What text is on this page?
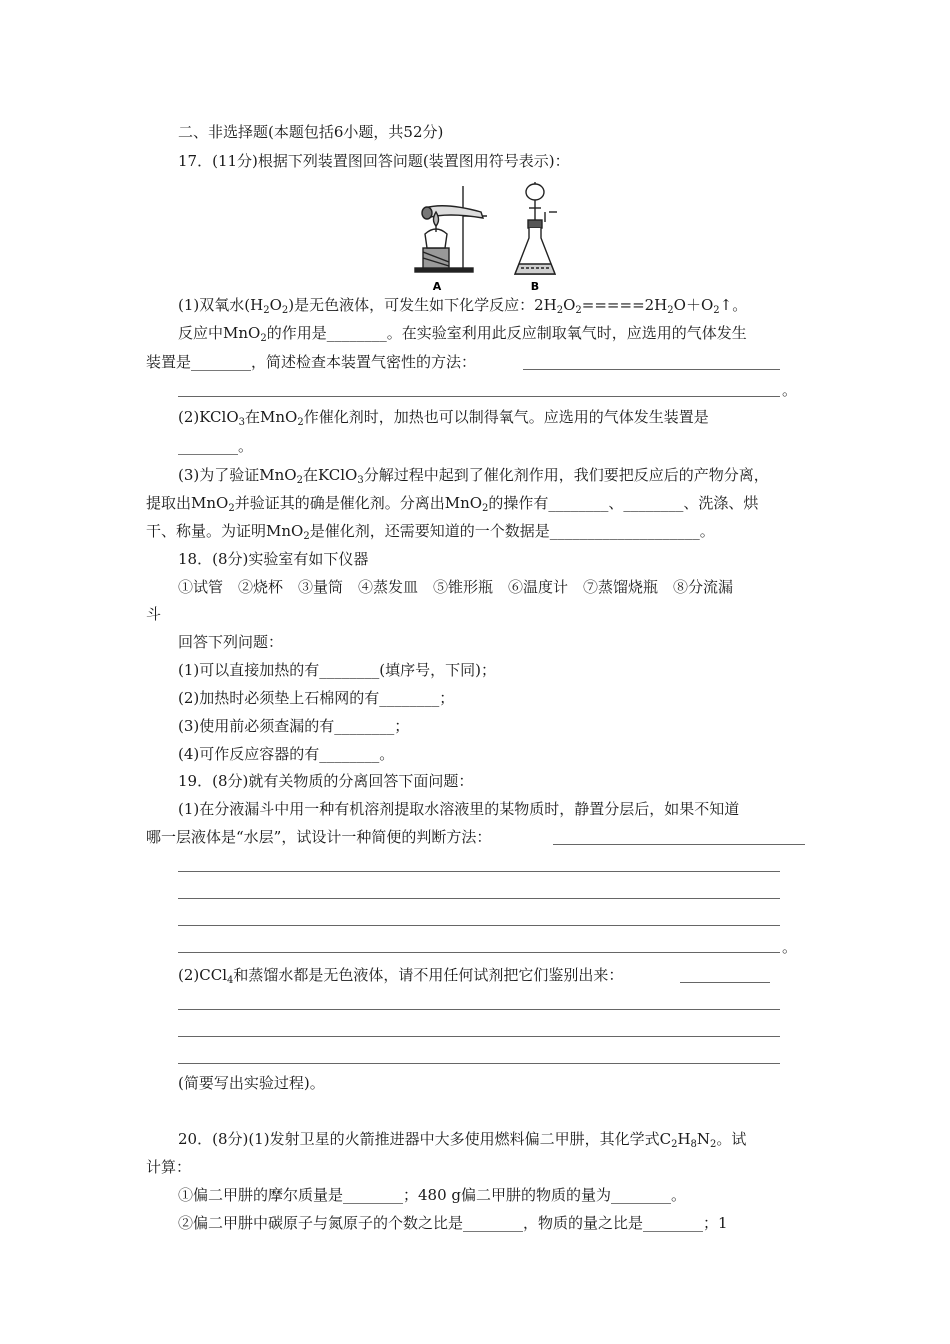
二、非选择题(本题包括6小题，共52分)
17．(11分)根据下列装置图回答问题(装置图用符号表示)：
A	B
(1)双氧水$(H_2O_2)$是无色液体，可发生如下化学反应：$2H_2O_2=====2H_2O+O_2↑$。
反应中MnO$_2$的作用是________。在实验室利用此反应制取氧气时，应选用的气体发生
装置是________，简述检查本装置气密性的方法：
。
(2)KClO$_3$在MnO$_2$作催化剂时，加热也可以制得氧气。应选用的气体发生装置是
________。
(3)为了验证MnO$_2$在KClO$_3$分解过程中起到了催化剂作用，我们要把反应后的产物分离，
提取出MnO$_2$并验证其的确是催化剂。分离出MnO$_2$的操作有________、________、洗涤、烘
干、称量。为证明MnO$_2$是催化剂，还需要知道的一个数据是____________________。
18．(8分)实验室有如下仪器
①试管　②烧杯　③量筒　④蒸发皿　⑤锥形瓶　⑥温度计　⑦蒸馏烧瓶　⑧分流漏
斗
回答下列问题：
(1)可以直接加热的有________(填序号，下同)；
(2)加热时必须垫上石棉网的有________；
(3)使用前必须查漏的有________；
(4)可作反应容器的有________。
19．(8分)就有关物质的分离回答下面问题：
(1)在分液漏斗中用一种有机溶剂提取水溶液里的某物质时，静置分层后，如果不知道
哪一层液体是“水层”，试设计一种简便的判断方法：
。
(2)CCl$_4$和蒸馏水都是无色液体，请不用任何试剂把它们鉴别出来：
(简要写出实验过程)。
20．(8分)(1)发射卫星的火箭推进器中大多使用燃料偏二甲肼，其化学式$C_2H_8N_2$。试
计算：
①偏二甲肼的摩尔质量是________；480 g偏二甲肼的物质的量为________。
②偏二甲肼中碳原子与氮原子的个数之比是________，物质的量之比是________；1
